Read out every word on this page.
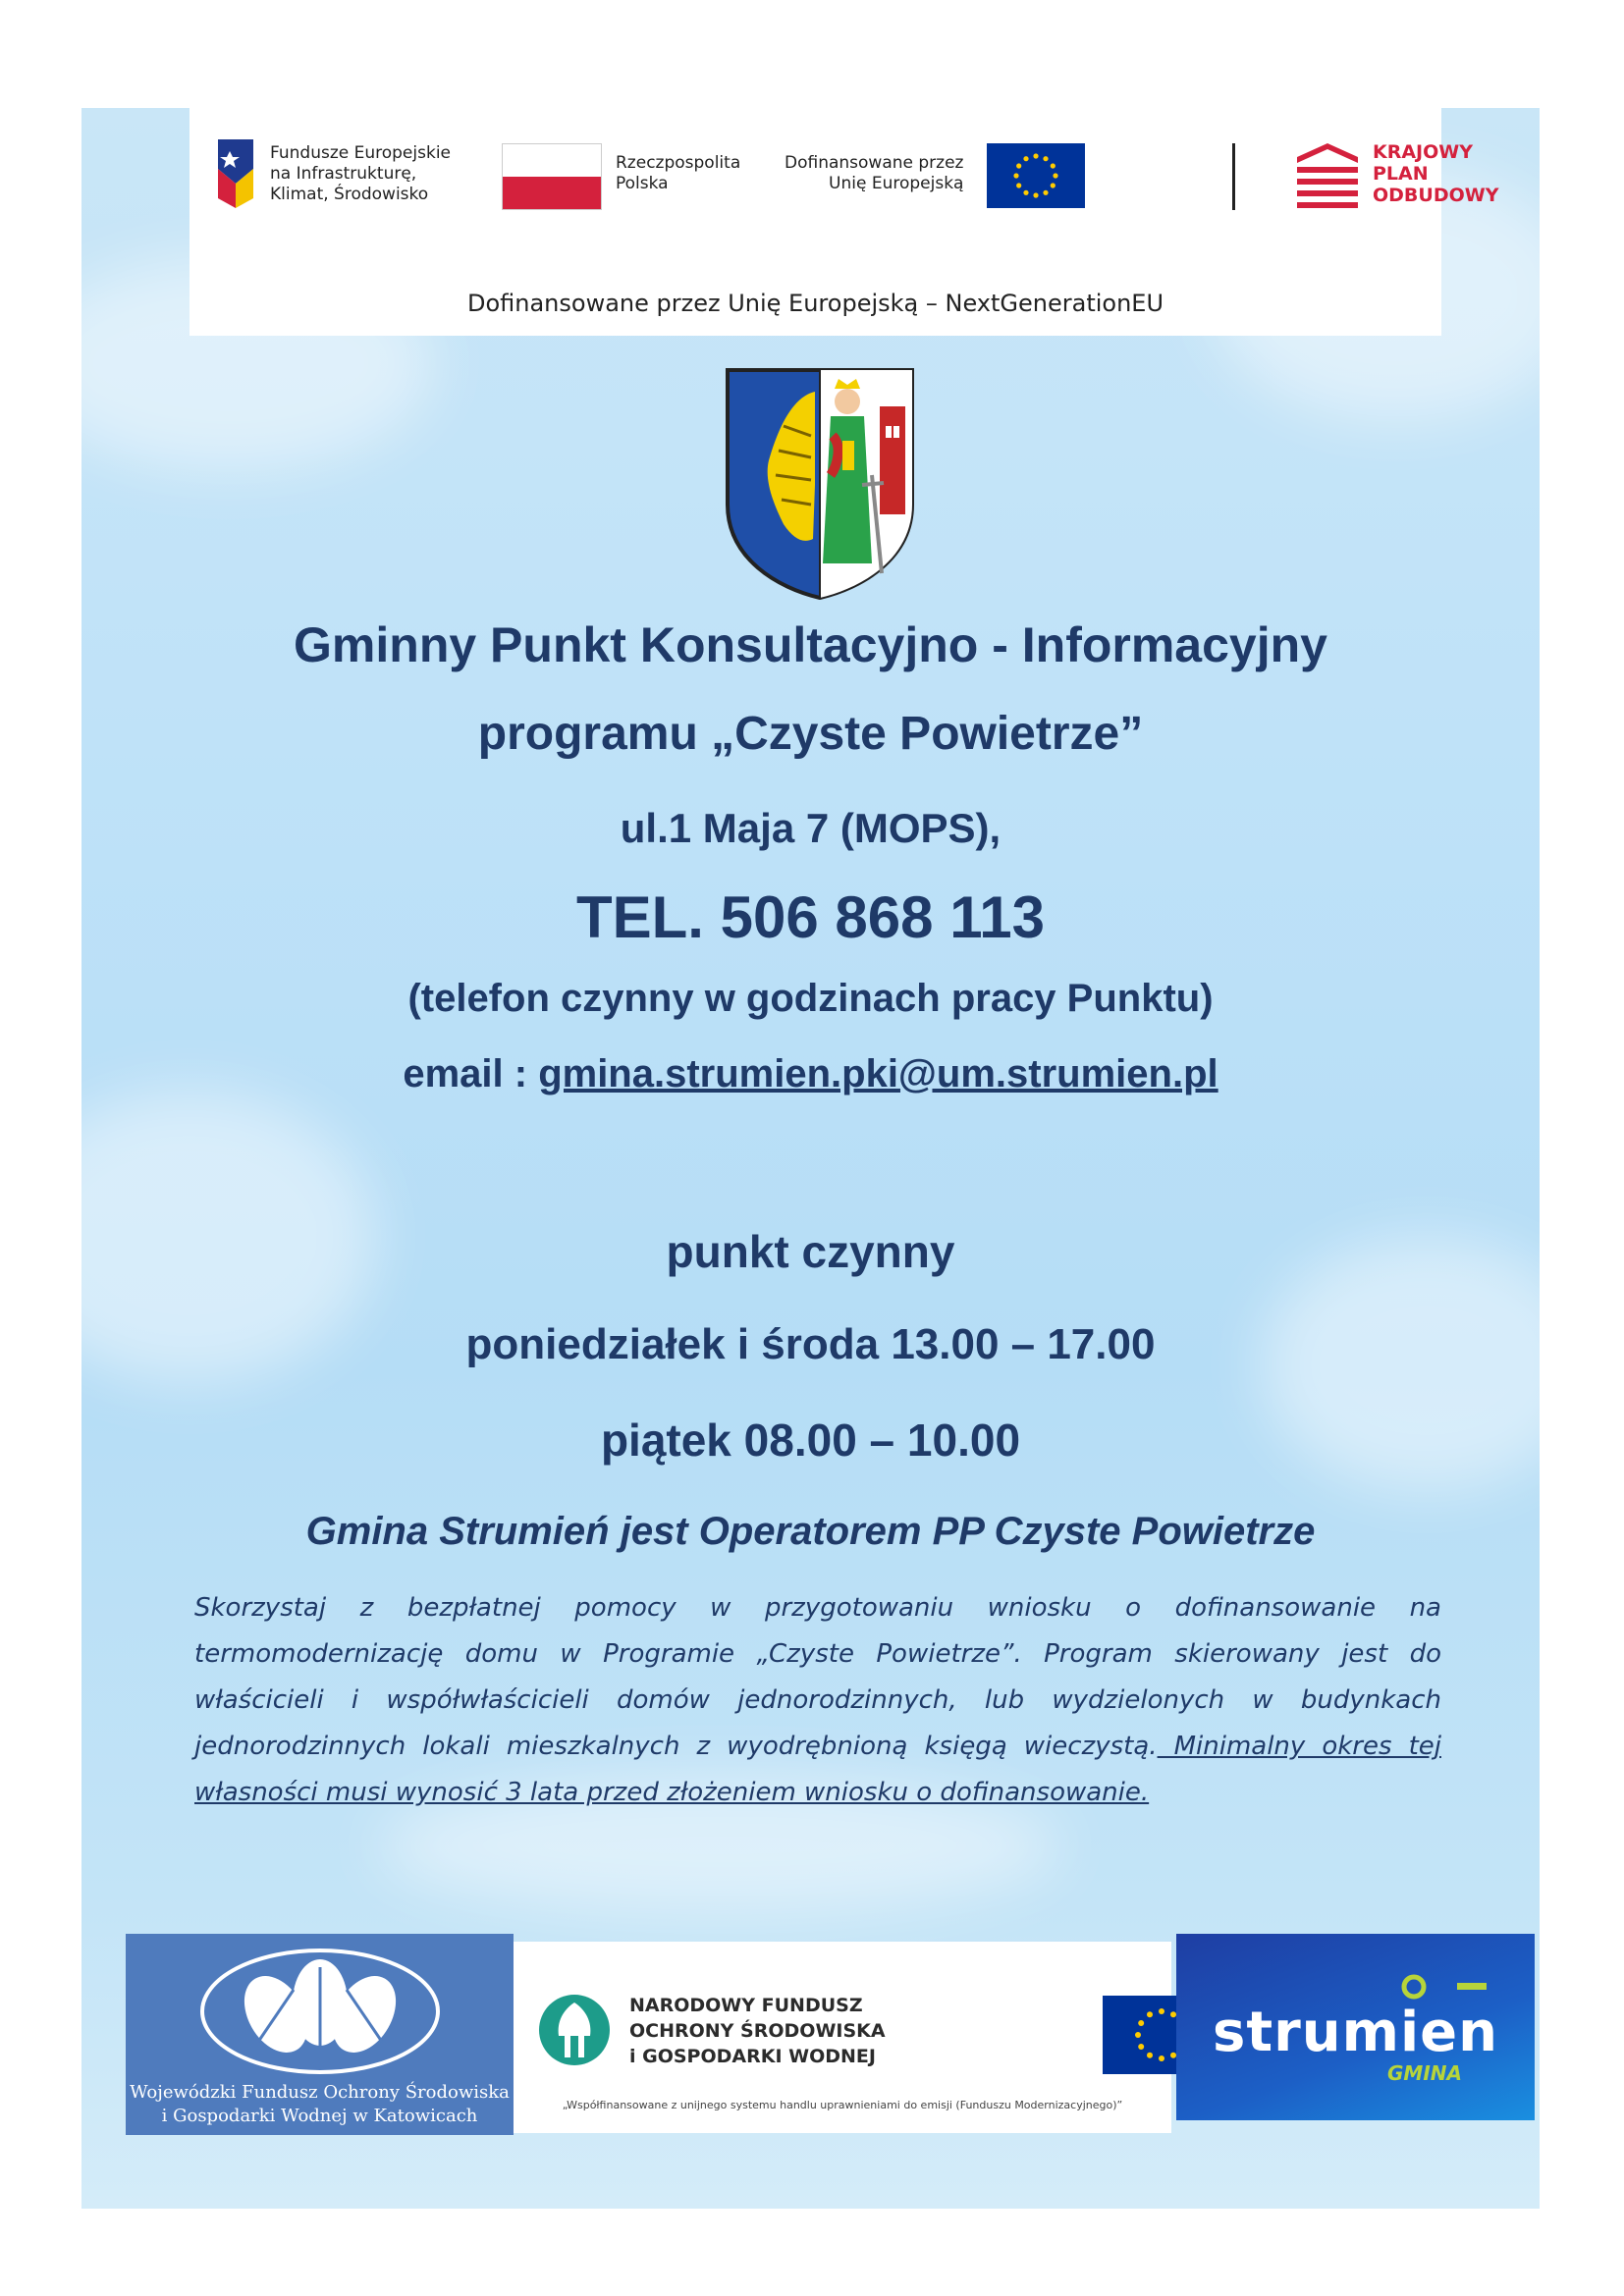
Fundusze Europejskie
na Infrastrukturę,
Klimat, Środowisko
Rzeczpospolita
Polska
Dofinansowane przez
Unię Europejską
KRAJOWY
PLAN
ODBUDOWY
Dofinansowane przez Unię Europejską – NextGenerationEU
Gminny Punkt Konsultacyjno - Informacyjny
programu „Czyste Powietrze”
ul.1 Maja 7 (MOPS),
TEL. 506 868 113
(telefon czynny w godzinach pracy Punktu)
email : gmina.strumien.pki@um.strumien.pl
punkt czynny
poniedziałek i środa 13.00 – 17.00
piątek 08.00 – 10.00
Gmina Strumień jest Operatorem PP Czyste Powietrze
Skorzystaj z bezpłatnej pomocy w przygotowaniu wniosku o dofinansowanie na termomodernizację domu w Programie „Czyste Powietrze”. Program skierowany jest do właścicieli i współwłaścicieli domów jednorodzinnych, lub wydzielonych w budynkach jednorodzinnych lokali mieszkalnych z wyodrębnioną księgą wieczystą. Minimalny okres tej własności musi wynosić 3 lata przed złożeniem wniosku o dofinansowanie.
Wojewódzki Fundusz Ochrony Środowiska
i Gospodarki Wodnej w Katowicach
NARODOWY FUNDUSZ
OCHRONY ŚRODOWISKA
i GOSPODARKI WODNEJ
„Współfinansowane z unijnego systemu handlu uprawnieniami do emisji (Funduszu Modernizacyjnego)”
strumien
GMINA
